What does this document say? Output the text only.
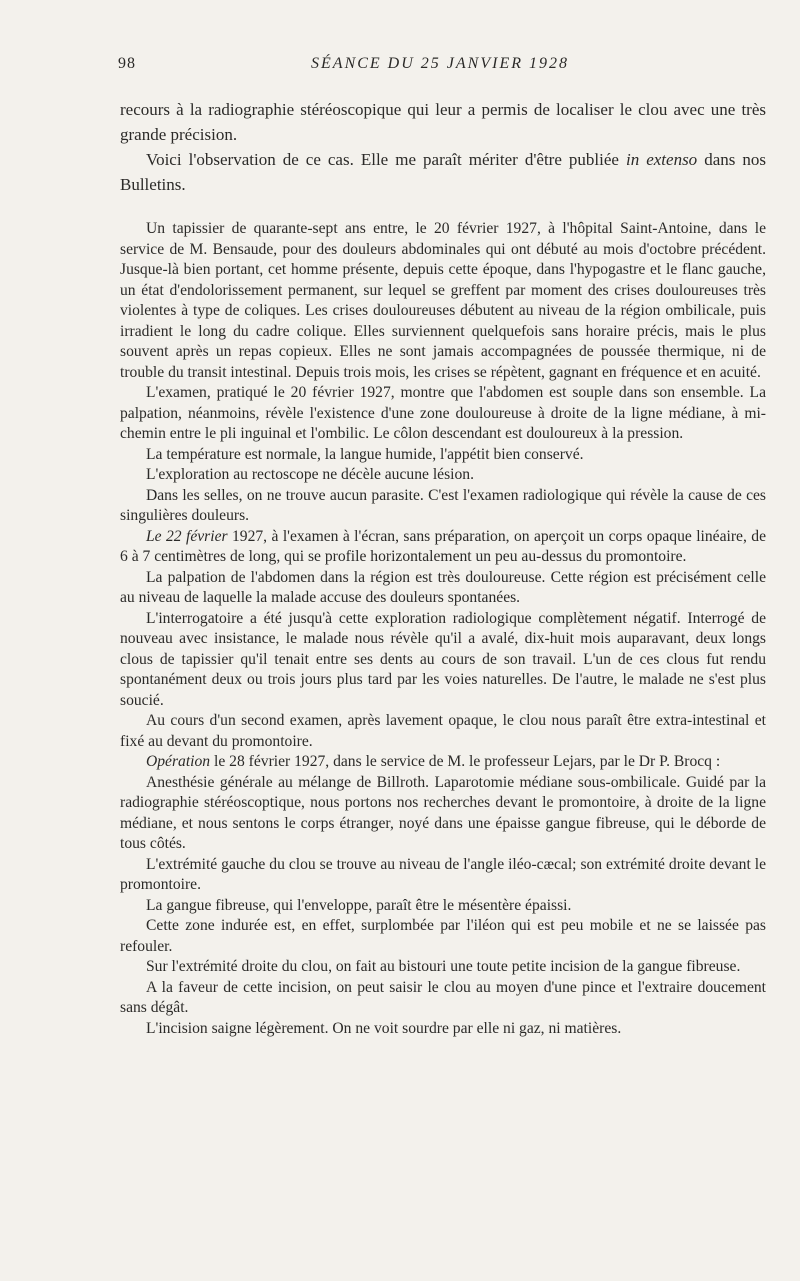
98	SÉANCE DU 25 JANVIER 1928

recours à la radiographie stéréoscopique qui leur a permis de localiser le clou avec une très grande précision.

Voici l'observation de ce cas. Elle me paraît mériter d'être publiée in extenso dans nos Bulletins.

Un tapissier de quarante-sept ans entre, le 20 février 1927, à l'hôpital Saint-Antoine, dans le service de M. Bensaude, pour des douleurs abdominales qui ont débuté au mois d'octobre précédent. Jusque-là bien portant, cet homme présente, depuis cette époque, dans l'hypogastre et le flanc gauche, un état d'endolorissement permanent, sur lequel se greffent par moment des crises douloureuses très violentes à type de coliques. Les crises douloureuses débutent au niveau de la région ombilicale, puis irradient le long du cadre colique. Elles surviennent quelquefois sans horaire précis, mais le plus souvent après un repas copieux. Elles ne sont jamais accompagnées de poussée thermique, ni de trouble du transit intestinal. Depuis trois mois, les crises se répètent, gagnant en fréquence et en acuité.

L'examen, pratiqué le 20 février 1927, montre que l'abdomen est souple dans son ensemble. La palpation, néanmoins, révèle l'existence d'une zone douloureuse à droite de la ligne médiane, à mi-chemin entre le pli inguinal et l'ombilic. Le côlon descendant est douloureux à la pression.

La température est normale, la langue humide, l'appétit bien conservé.

L'exploration au rectoscope ne décèle aucune lésion.

Dans les selles, on ne trouve aucun parasite. C'est l'examen radiologique qui révèle la cause de ces singulières douleurs.

Le 22 février 1927, à l'examen à l'écran, sans préparation, on aperçoit un corps opaque linéaire, de 6 à 7 centimètres de long, qui se profile horizontalement un peu au-dessus du promontoire.

La palpation de l'abdomen dans la région est très douloureuse. Cette région est précisément celle au niveau de laquelle la malade accuse des douleurs spontanées.

L'interrogatoire a été jusqu'à cette exploration radiologique complètement négatif. Interrogé de nouveau avec insistance, le malade nous révèle qu'il a avalé, dix-huit mois auparavant, deux longs clous de tapissier qu'il tenait entre ses dents au cours de son travail. L'un de ces clous fut rendu spontanément deux ou trois jours plus tard par les voies naturelles. De l'autre, le malade ne s'est plus soucié.

Au cours d'un second examen, après lavement opaque, le clou nous paraît être extra-intestinal et fixé au devant du promontoire.

Opération le 28 février 1927, dans le service de M. le professeur Lejars, par le Dr P. Brocq :

Anesthésie générale au mélange de Billroth. Laparotomie médiane sous-ombilicale. Guidé par la radiographie stéréoscoptique, nous portons nos recherches devant le promontoire, à droite de la ligne médiane, et nous sentons le corps étranger, noyé dans une épaisse gangue fibreuse, qui le déborde de tous côtés.

L'extrémité gauche du clou se trouve au niveau de l'angle iléo-cæcal; son extrémité droite devant le promontoire.

La gangue fibreuse, qui l'enveloppe, paraît être le mésentère épaissi.

Cette zone indurée est, en effet, surplombée par l'iléon qui est peu mobile et ne se laissée pas refouler.

Sur l'extrémité droite du clou, on fait au bistouri une toute petite incision de la gangue fibreuse.

A la faveur de cette incision, on peut saisir le clou au moyen d'une pince et l'extraire doucement sans dégât.

L'incision saigne légèrement. On ne voit sourdre par elle ni gaz, ni matières.
